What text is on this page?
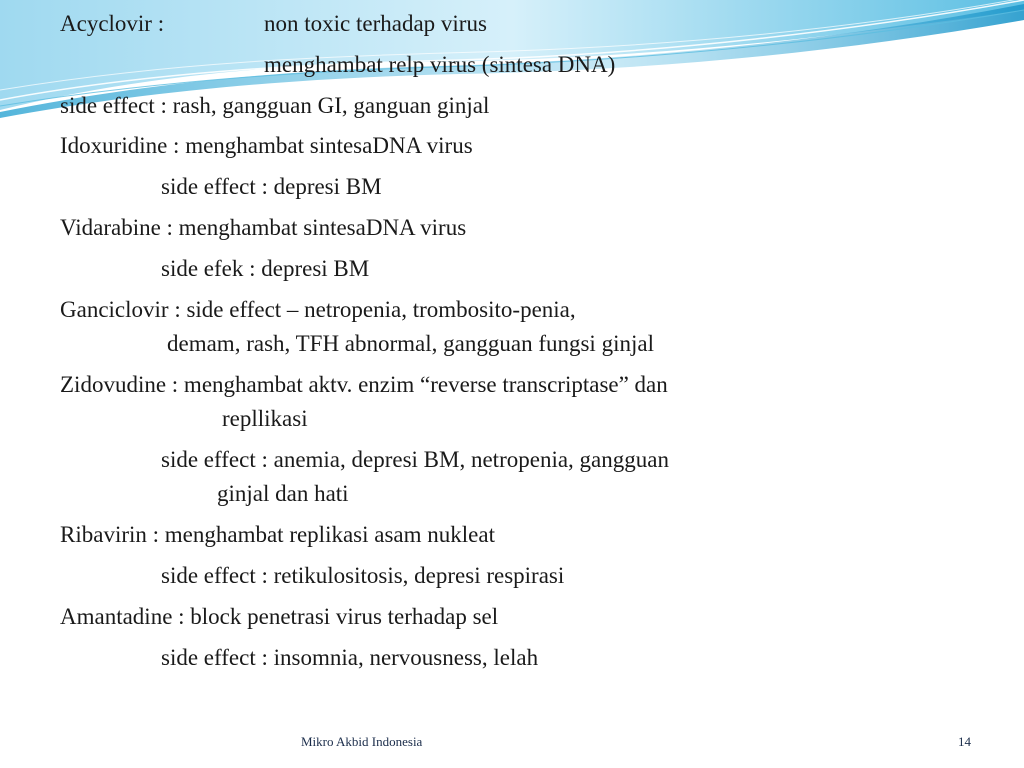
Acyclovir :	non toxic terhadap virus
menghambat relp virus (sintesa DNA)
side effect : rash, gangguan GI, ganguan ginjal
Idoxuridine : menghambat sintesaDNA virus
side effect : depresi BM
Vidarabine : menghambat sintesaDNA virus
side efek : depresi BM
Ganciclovir : side effect – netropenia, trombosito-penia,
demam, rash, TFH abnormal, gangguan fungsi ginjal
Zidovudine : menghambat aktv. enzim “reverse transcriptase” dan
repllikasi
side effect : anemia, depresi BM, netropenia, gangguan
ginjal dan hati
Ribavirin : menghambat replikasi asam nukleat
side effect : retikulositosis, depresi respirasi
Amantadine : block penetrasi virus terhadap sel
side effect : insomnia, nervousness, lelah
Mikro Akbid Indonesia	14
